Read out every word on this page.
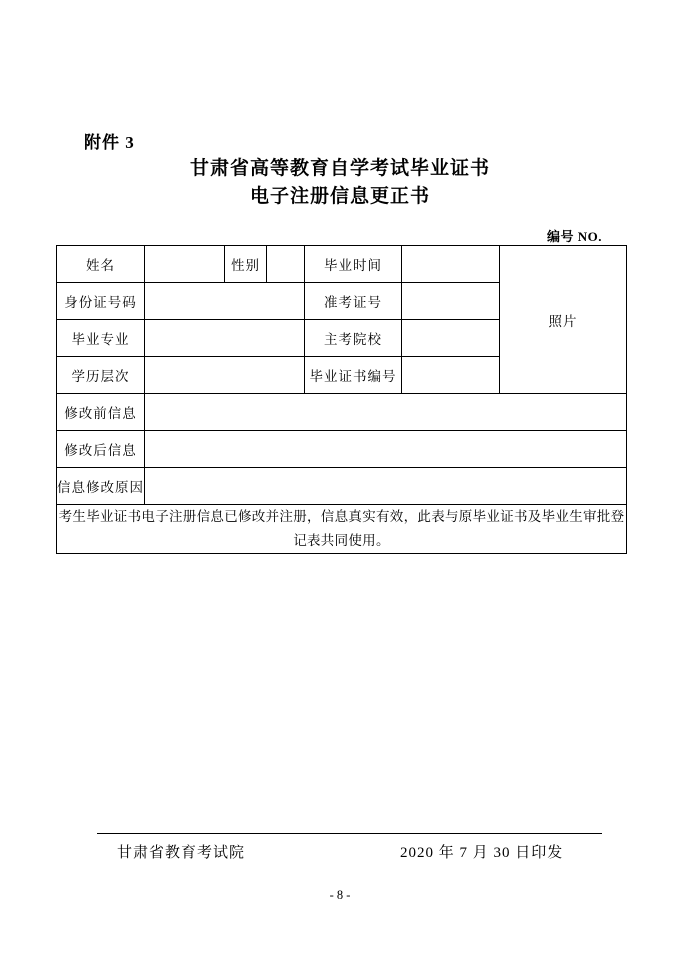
附件 3
甘肃省高等教育自学考试毕业证书
电子注册信息更正书
编号 NO.
姓名		性别		毕业时间		照片
身份证号码				准考证号		
毕业专业				主考院校		
学历层次				毕业证书编号		
修改前信息						
修改后信息						
信息修改原因						
考生毕业证书电子注册信息已修改并注册，信息真实有效，此表与原毕业证书及毕业生审批登记表共同使用。						
甘肃省教育考试院	2020 年 7 月 30 日印发
- 8 -
